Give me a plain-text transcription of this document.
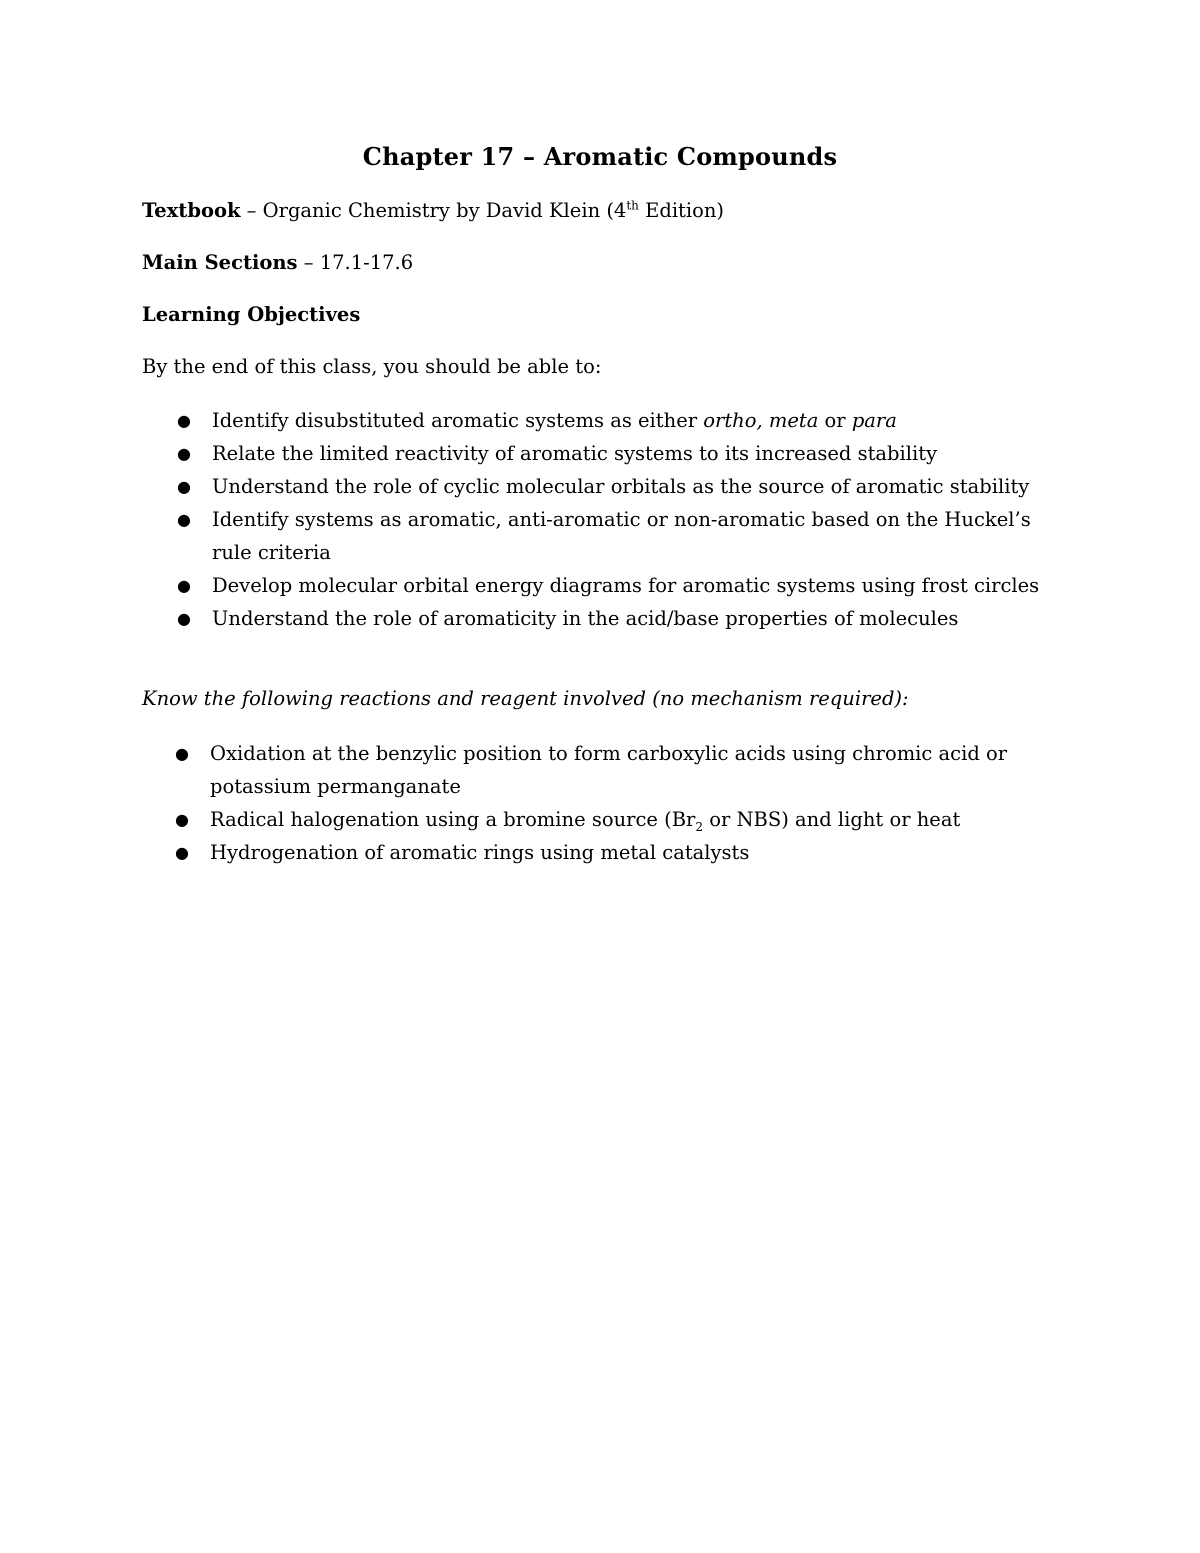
Chapter 17 – Aromatic Compounds

Textbook – Organic Chemistry by David Klein (4th Edition)

Main Sections – 17.1-17.6

Learning Objectives

By the end of this class, you should be able to:

● Identify disubstituted aromatic systems as either ortho, meta or para
● Relate the limited reactivity of aromatic systems to its increased stability
● Understand the role of cyclic molecular orbitals as the source of aromatic stability
● Identify systems as aromatic, anti-aromatic or non-aromatic based on the Huckel’s rule criteria
● Develop molecular orbital energy diagrams for aromatic systems using frost circles
● Understand the role of aromaticity in the acid/base properties of molecules

Know the following reactions and reagent involved (no mechanism required):

● Oxidation at the benzylic position to form carboxylic acids using chromic acid or potassium permanganate
● Radical halogenation using a bromine source ($Br_2$ or NBS) and light or heat
● Hydrogenation of aromatic rings using metal catalysts
